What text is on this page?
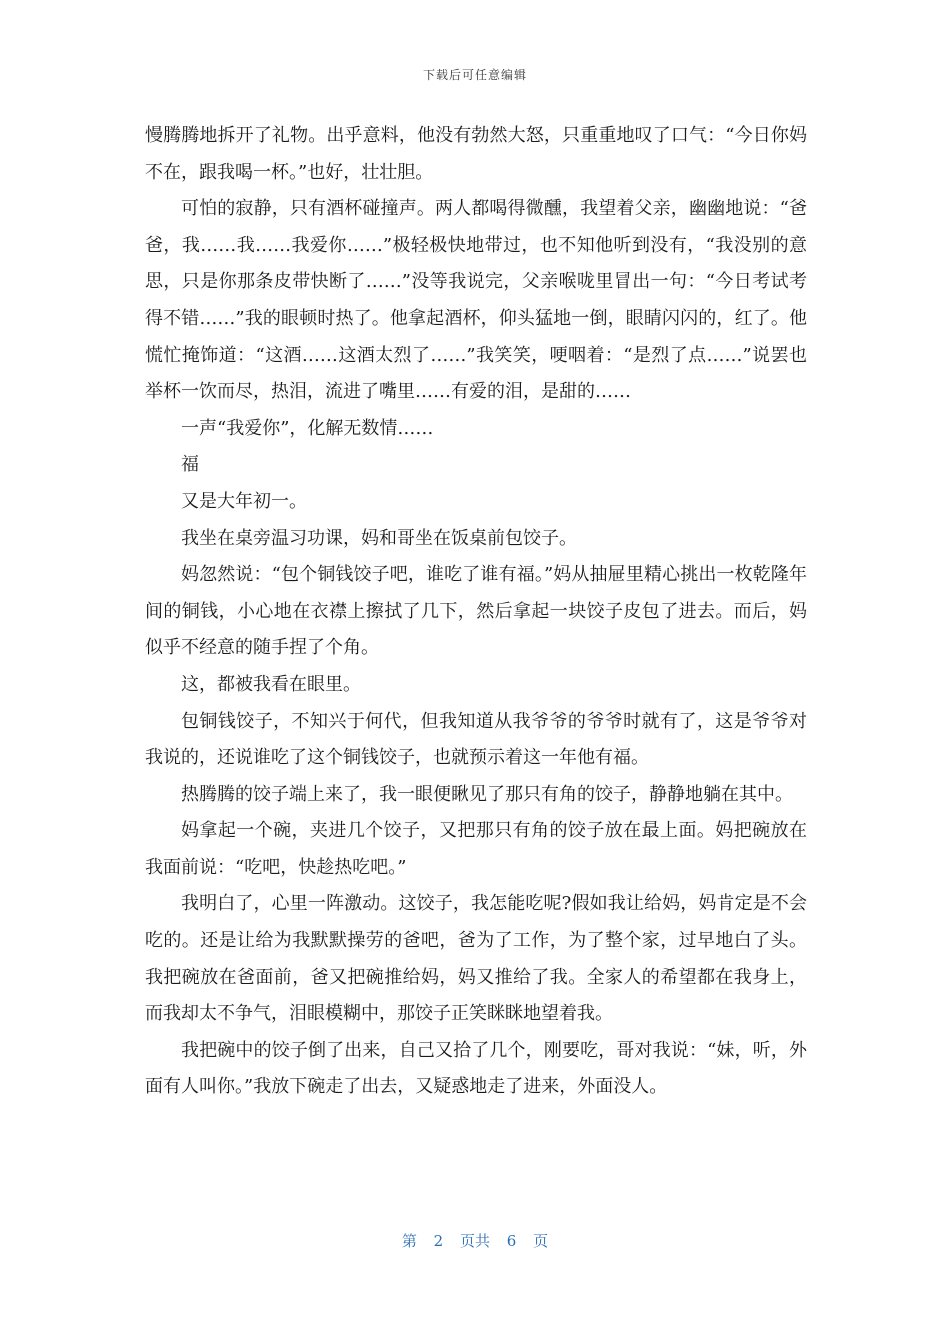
下载后可任意编辑

慢腾腾地拆开了礼物。出乎意料，他没有勃然大怒，只重重地叹了口气：“今日你妈不在，跟我喝一杯。”也好，壮壮胆。

可怕的寂静，只有酒杯碰撞声。两人都喝得微醺，我望着父亲，幽幽地说：“爸爸，我……我……我爱你……”极轻极快地带过，也不知他听到没有，“我没别的意思，只是你那条皮带快断了……”没等我说完，父亲喉咙里冒出一句：“今日考试考得不错……”我的眼顿时热了。他拿起酒杯，仰头猛地一倒，眼睛闪闪的，红了。他慌忙掩饰道：“这酒……这酒太烈了……”我笑笑，哽咽着：“是烈了点……”说罢也举杯一饮而尽，热泪，流进了嘴里……有爱的泪，是甜的……

一声“我爱你”，化解无数情……

福

又是大年初一。

我坐在桌旁温习功课，妈和哥坐在饭桌前包饺子。

妈忽然说：“包个铜钱饺子吧，谁吃了谁有福。”妈从抽屉里精心挑出一枚乾隆年间的铜钱，小心地在衣襟上擦拭了几下，然后拿起一块饺子皮包了进去。而后，妈似乎不经意的随手捏了个角。

这，都被我看在眼里。

包铜钱饺子，不知兴于何代，但我知道从我爷爷的爷爷时就有了，这是爷爷对我说的，还说谁吃了这个铜钱饺子，也就预示着这一年他有福。

热腾腾的饺子端上来了，我一眼便瞅见了那只有角的饺子，静静地躺在其中。

妈拿起一个碗，夹进几个饺子，又把那只有角的饺子放在最上面。妈把碗放在我面前说：“吃吧，快趁热吃吧。”

我明白了，心里一阵激动。这饺子，我怎能吃呢?假如我让给妈，妈肯定是不会吃的。还是让给为我默默操劳的爸吧，爸为了工作，为了整个家，过早地白了头。我把碗放在爸面前，爸又把碗推给妈，妈又推给了我。全家人的希望都在我身上，而我却太不争气，泪眼模糊中，那饺子正笑眯眯地望着我。

我把碗中的饺子倒了出来，自己又拾了几个，刚要吃，哥对我说：“妹，听，外面有人叫你。”我放下碗走了出去，又疑惑地走了进来，外面没人。

第 2 页共 6 页
